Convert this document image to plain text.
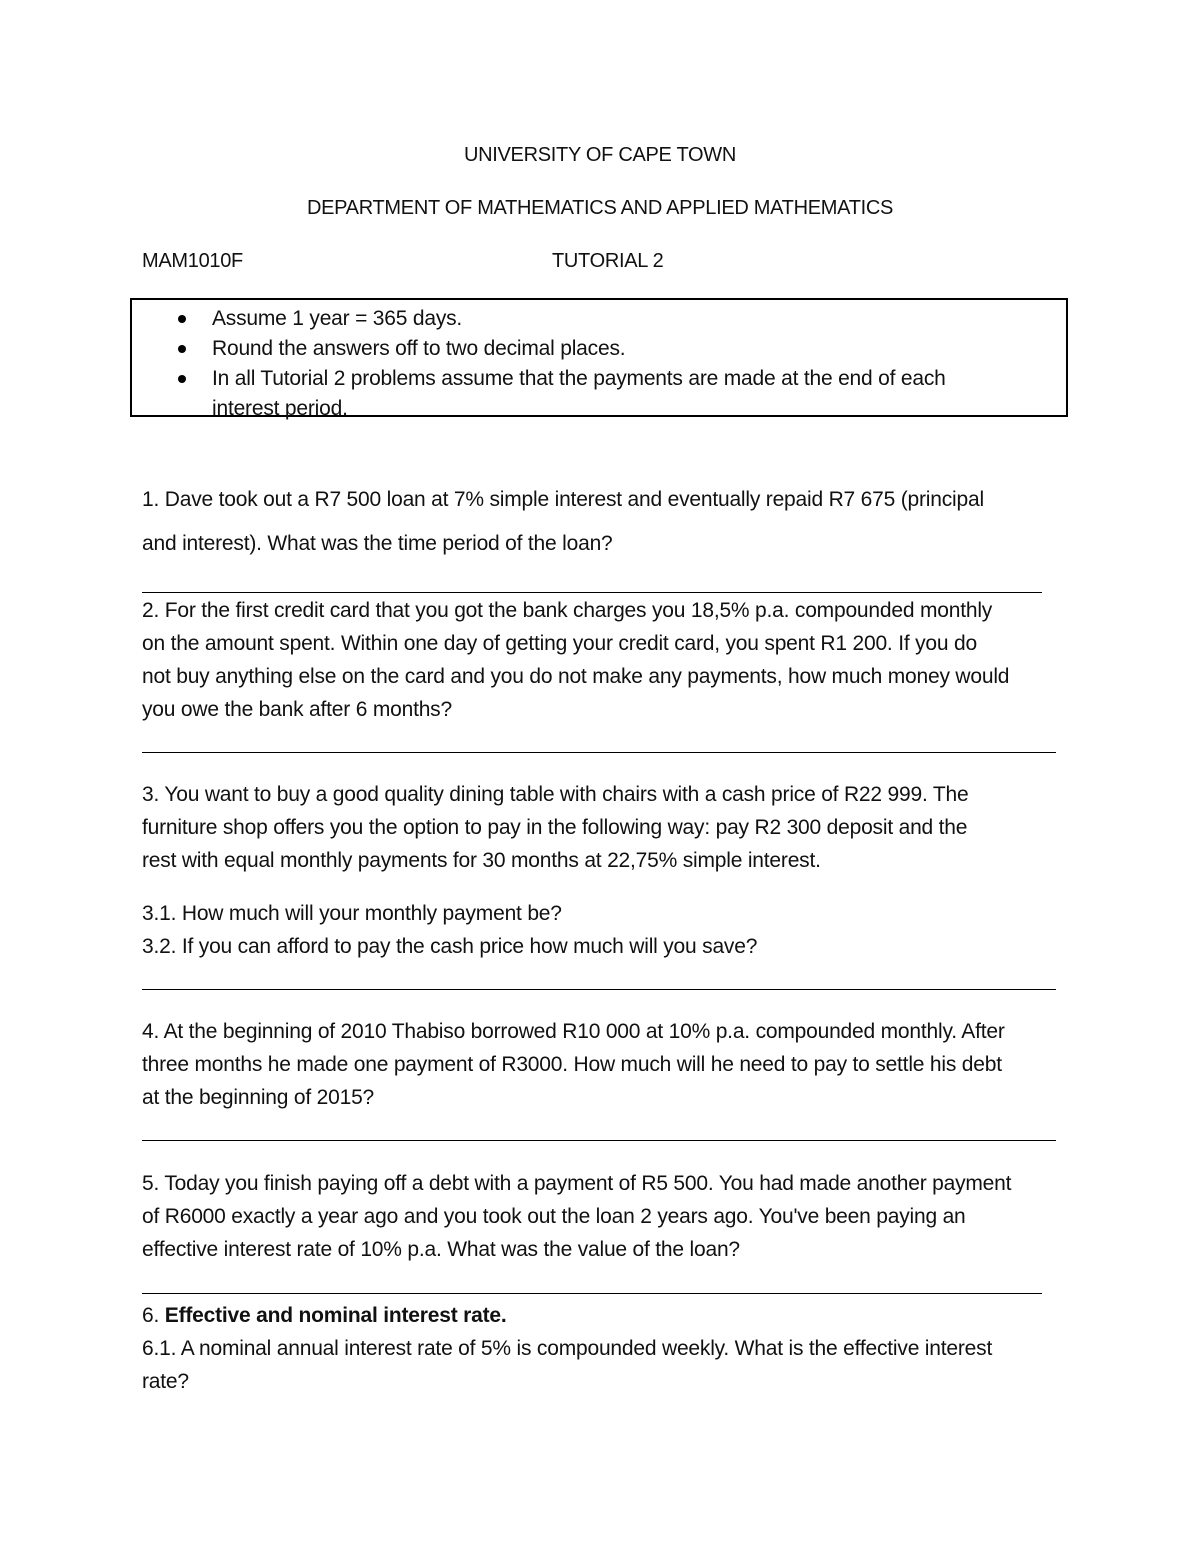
UNIVERSITY OF CAPE TOWN
DEPARTMENT OF MATHEMATICS AND APPLIED MATHEMATICS
MAM1010F	TUTORIAL 2
Assume 1 year = 365 days.
Round the answers off to two decimal places.
In all Tutorial 2 problems assume that the payments are made at the end of each interest period.
1. Dave took out a R7 500 loan at 7% simple interest and eventually repaid R7 675 (principal
and interest). What was the time period of the loan?
2. For the first credit card that you got the bank charges you 18,5% p.a. compounded monthly
on the amount spent. Within one day of getting your credit card, you spent R1 200. If you do
not buy anything else on the card and you do not make any payments, how much money would
you owe the bank after 6 months?
3. You want to buy a good quality dining table with chairs with a cash price of R22 999. The
furniture shop offers you the option to pay in the following way: pay R2 300 deposit and the
rest with equal monthly payments for 30 months at 22,75% simple interest.
3.1. How much will your monthly payment be?
3.2. If you can afford to pay the cash price how much will you save?
4. At the beginning of 2010 Thabiso borrowed R10 000 at 10% p.a. compounded monthly. After
three months he made one payment of R3000. How much will he need to pay to settle his debt
at the beginning of 2015?
5. Today you finish paying off a debt with a payment of R5 500. You had made another payment
of R6000 exactly a year ago and you took out the loan 2 years ago. You've been paying an
effective interest rate of 10% p.a. What was the value of the loan?
6. Effective and nominal interest rate.
6.1. A nominal annual interest rate of 5% is compounded weekly. What is the effective interest
rate?
